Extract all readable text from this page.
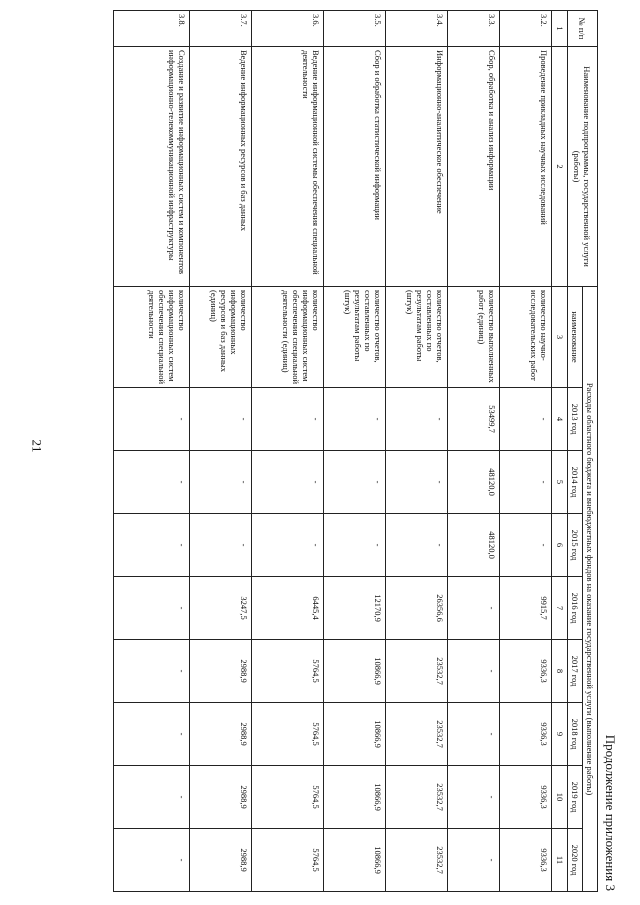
21
Продолжение приложения 3
№ п/п	Наименование подпрограммы, государственной услуги (работы)	Расходы областного бюджета и внебюджетных фондов на оказание государственной услуги (выполнение работы)								
		наименование	2013 год	2014 год	2015 год	2016 год	2017 год	2018 год	2019 год	2020 год

1	2	3	4	5	6	7	8	9	10	11
3.2.	Проведение прикладных научных исследований	количество научно-исследовательских работ	-	-	-	9915,7	9336,3	9336,3	9336,3	9336,3
3.3.	Сбор, обработка и анализ информации	количество выполненных работ (единиц)	53499,7	48120,0	48120,0	-	-	-	-	-
3.4.	Информационно-аналитическое обеспечение	количество отчетов, составленных по результатам работы (штук)	-	-	-	26356,6	23532,7	23532,7	23532,7	23532,7
3.5.	Сбор и обработка статистической информации	количество отчетов, составленных по результатам работы (штук)	-	-	-	12170,9	10866,9	10866,9	10866,9	10866,9
3.6.	Ведение информационной системы обеспечения специальной деятельности	количество информационных систем обеспечения специальной деятельности (единиц)	-	-	-	6445,4	5764,5	5764,5	5764,5	5764,5
3.7.	Ведение информационных ресурсов и баз данных	количество информационных ресурсов и баз данных (единиц)	-	-	-	3247,5	2988,9	2988,9	2988,9	2988,9
3.8.	Создание и развитие информационных систем и компонентов информационно-телекоммуникационной инфраструктуры	количество информационных систем обеспечения специальной деятельности	-	-	-	-	-	-	-	-
